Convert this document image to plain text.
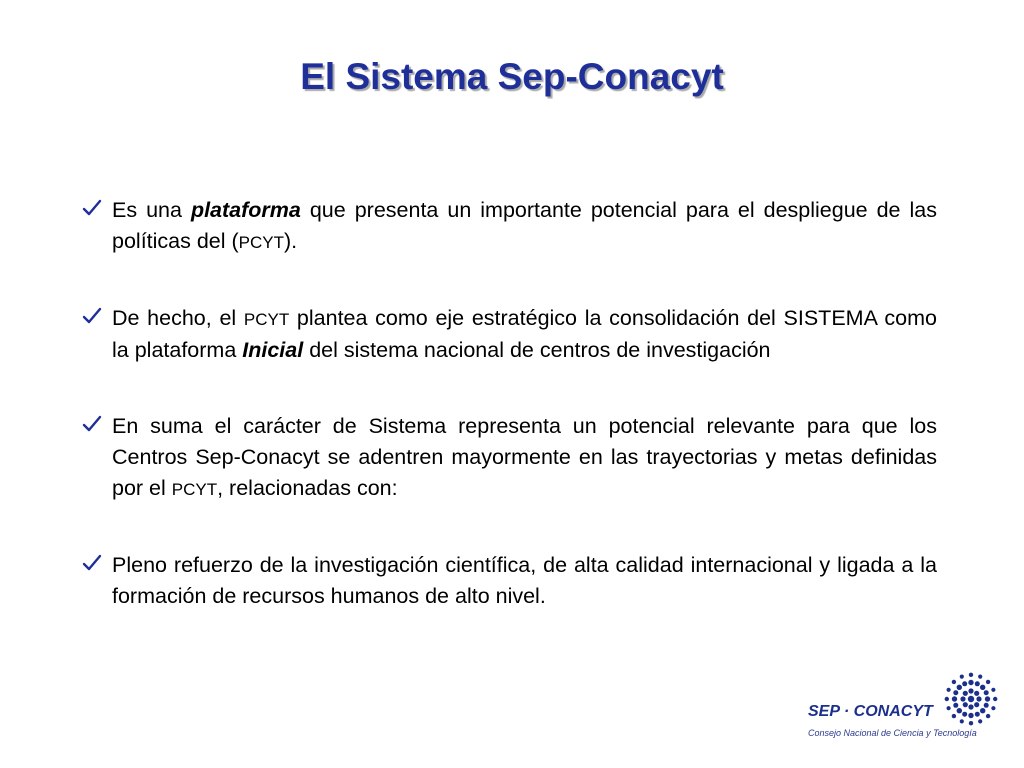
El Sistema Sep-Conacyt

Es una plataforma que presenta un importante potencial para el despliegue de las políticas del (PCYT).

De hecho, el PCYT plantea como eje estratégico la consolidación del SISTEMA como la plataforma Inicial del sistema nacional de centros de investigación

En suma el carácter de Sistema representa un potencial relevante para que los Centros Sep-Conacyt se adentren mayormente en las trayectorias y metas definidas por el PCYT, relacionadas con:

Pleno refuerzo de la investigación científica, de alta calidad internacional y ligada a la formación de recursos humanos de alto nivel.

SEP · CONACYT
Consejo Nacional de Ciencia y Tecnología
